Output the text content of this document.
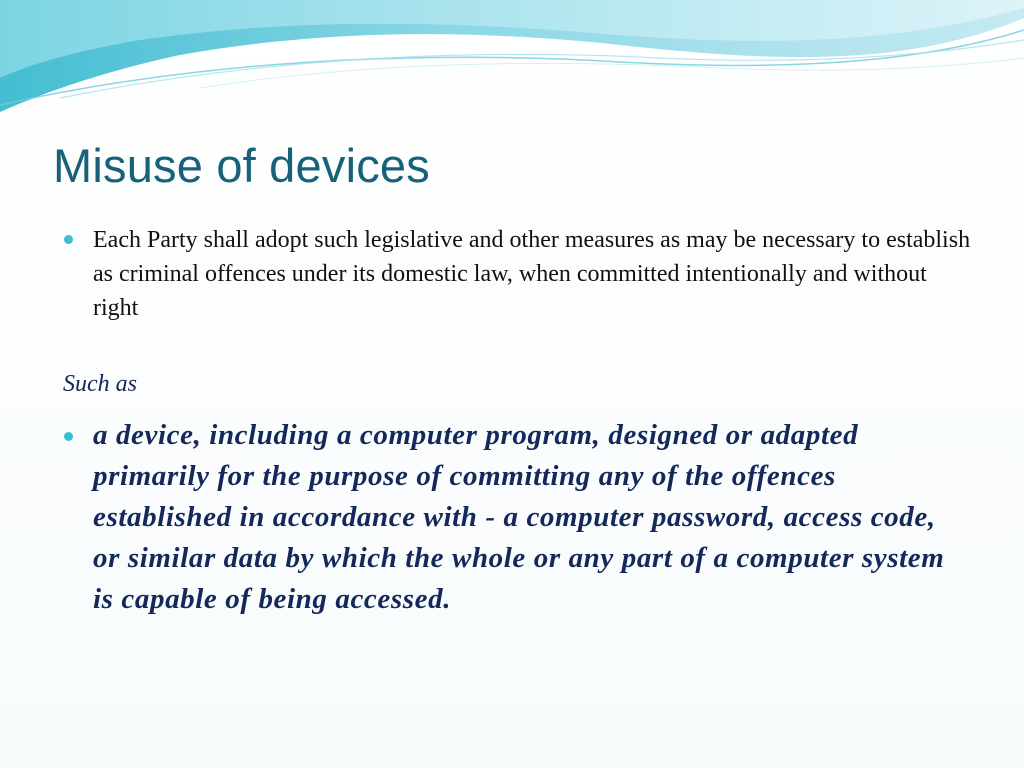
Misuse of devices

Each Party shall adopt such legislative and other measures as may be necessary to establish as criminal offences under its domestic law, when committed intentionally and without right

Such as

a device, including a computer program, designed or adapted primarily for the purpose of committing any of the offences established in accordance with - a computer password, access code, or similar data by which the whole or any part of a computer system is capable of being accessed.
